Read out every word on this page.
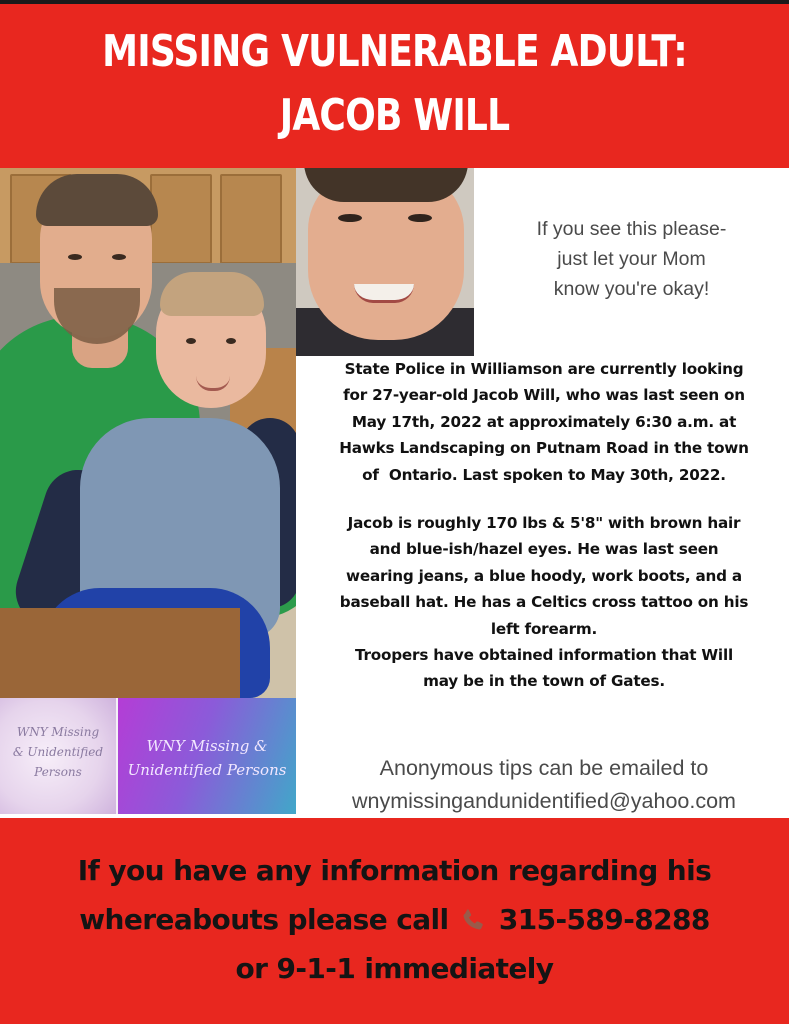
MISSING VULNERABLE ADULT:
JACOB WILL
If you see this please-
just let your Mom
know you're okay!
State Police in Williamson are currently looking
for 27-year-old Jacob Will, who was last seen on
May 17th, 2022 at approximately 6:30 a.m. at
Hawks Landscaping on Putnam Road in the town
of  Ontario. Last spoken to May 30th, 2022.
Jacob is roughly 170 lbs & 5'8" with brown hair
and blue-ish/hazel eyes. He was last seen
wearing jeans, a blue hoody, work boots, and a
baseball hat. He has a Celtics cross tattoo on his
left forearm.
Troopers have obtained information that Will
may be in the town of Gates.
WNY Missing
& Unidentified
Persons
WNY Missing &
Unidentified Persons	Anonymous tips can be emailed to
wnymissingandunidentified@yahoo.com
If you have any information regarding his
whereabouts please call 315-589-8288
or 9-1-1 immediately
